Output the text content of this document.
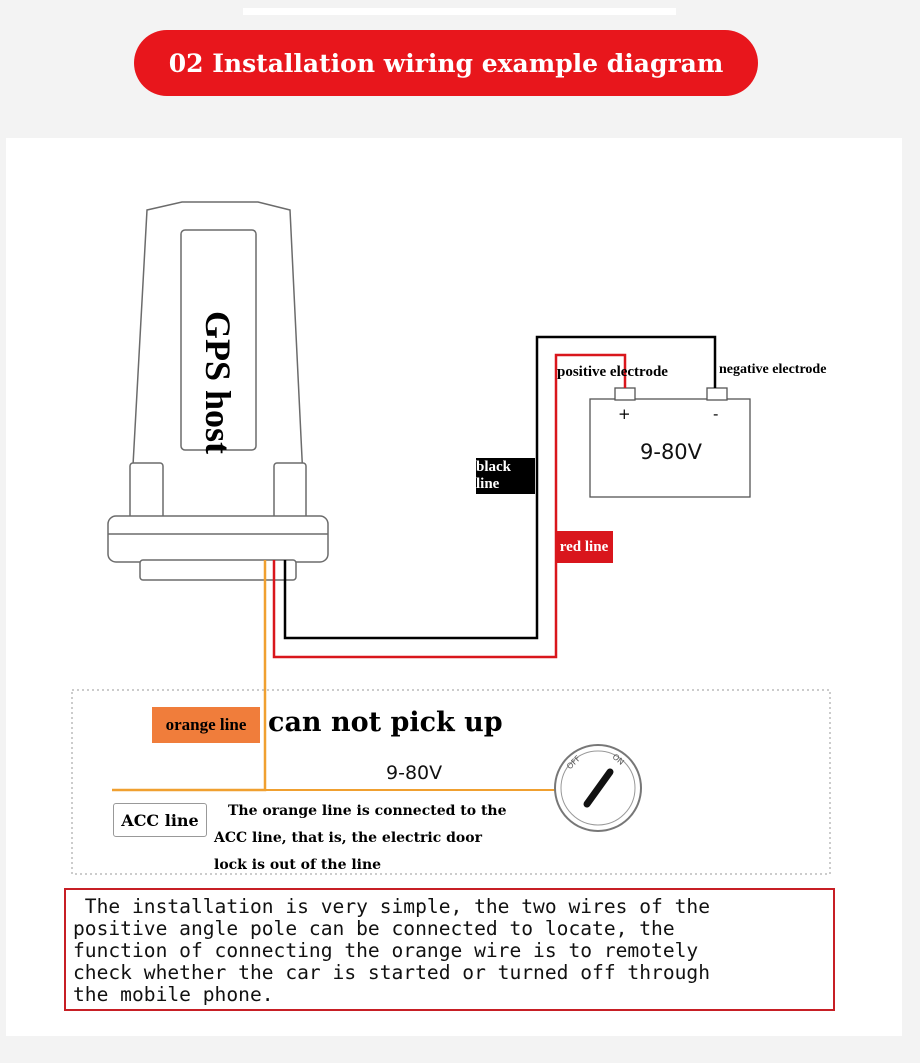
02 Installation wiring example diagram
GPS host	positive electrode	negative electrode
+	-
9-80V
black line
red line
orange line can not pick up
9-80V
ACC line	The orange line is connected to the
ACC line, that is, the electric door
lock is out of the line
OFF	ON
The installation is very simple, the two wires of the
positive angle pole can be connected to locate, the
function of connecting the orange wire is to remotely
check whether the car is started or turned off through
the mobile phone.
